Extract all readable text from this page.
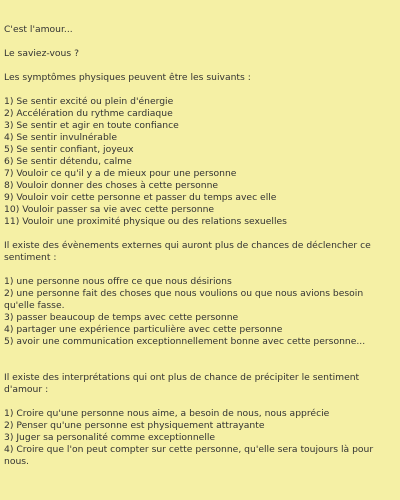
C'est l'amour...

Le saviez-vous ?

Les symptômes physiques peuvent être les suivants :

1) Se sentir excité ou plein d'énergie
2) Accélération du rythme cardiaque
3) Se sentir et agir en toute confiance
4) Se sentir invulnérable
5) Se sentir confiant, joyeux
6) Se sentir détendu, calme
7) Vouloir ce qu'il y a de mieux pour une personne
8) Vouloir donner des choses à cette personne
9) Vouloir voir cette personne et passer du temps avec elle
10) Vouloir passer sa vie avec cette personne
11) Vouloir une proximité physique ou des relations sexuelles

Il existe des évènements externes qui auront plus de chances de déclencher ce sentiment :

1) une personne nous offre ce que nous désirions
2) une personne fait des choses que nous voulions ou que nous avions besoin qu'elle fasse.
3) passer beaucoup de temps avec cette personne
4) partager une expérience particulière avec cette personne
5) avoir une communication exceptionnellement bonne avec cette personne...

Il existe des interprétations qui ont plus de chance de précipiter le sentiment d'amour :

1) Croire qu'une personne nous aime, a besoin de nous, nous apprécie
2) Penser qu'une personne est physiquement attrayante
3) Juger sa personalité comme exceptionnelle
4) Croire que l'on peut compter sur cette personne, qu'elle sera toujours là pour nous.
